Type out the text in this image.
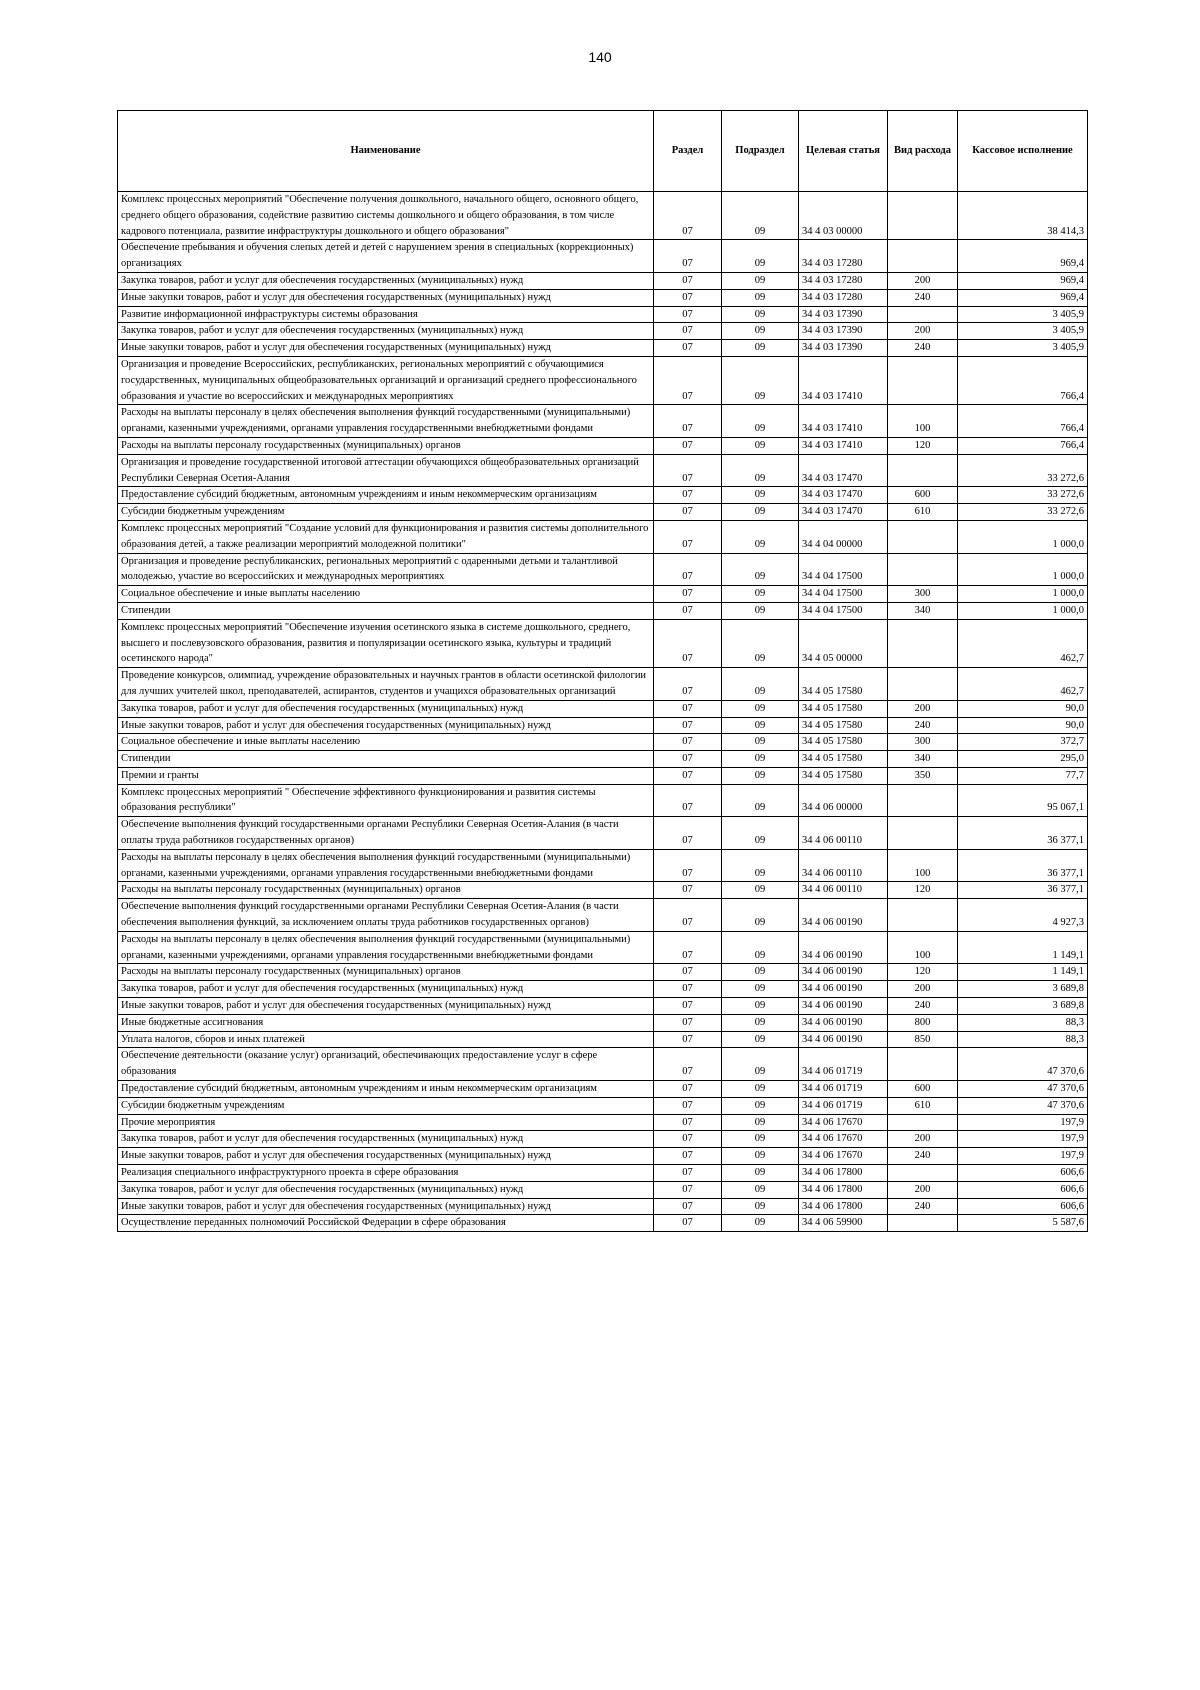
140
Наименование	Раздел	Подраздел	Целевая статья	Вид расхода	Кассовое исполнение
Комплекс процессных мероприятий "Обеспечение получения дошкольного, начального общего, основного общего, среднего общего образования, содействие развитию системы дошкольного и общего образования, в том числе кадрового потенциала, развитие инфраструктуры дошкольного и общего образования"	07	09	34 4 03 00000		38 414,3
Обеспечение пребывания и обучения слепых детей и детей с нарушением зрения в специальных (коррекционных) организациях	07	09	34 4 03 17280		969,4
Закупка товаров, работ и услуг для обеспечения государственных (муниципальных) нужд	07	09	34 4 03 17280	200	969,4
Иные закупки товаров, работ и услуг для обеспечения государственных (муниципальных) нужд	07	09	34 4 03 17280	240	969,4
Развитие информационной инфраструктуры системы образования	07	09	34 4 03 17390		3 405,9
Закупка товаров, работ и услуг для обеспечения государственных (муниципальных) нужд	07	09	34 4 03 17390	200	3 405,9
Иные закупки товаров, работ и услуг для обеспечения государственных (муниципальных) нужд	07	09	34 4 03 17390	240	3 405,9
Организация и проведение Всероссийских, республиканских, региональных мероприятий с обучающимися государственных, муниципальных общеобразовательных организаций и организаций среднего профессионального образования и участие во всероссийских и международных мероприятиях	07	09	34 4 03 17410		766,4
Расходы на выплаты персоналу в целях обеспечения выполнения функций государственными (муниципальными) органами, казенными учреждениями, органами управления государственными внебюджетными фондами	07	09	34 4 03 17410	100	766,4
Расходы на выплаты персоналу государственных (муниципальных) органов	07	09	34 4 03 17410	120	766,4
Организация и проведение государственной итоговой аттестации обучающихся общеобразовательных организаций Республики Северная Осетия-Алания	07	09	34 4 03 17470		33 272,6
Предоставление субсидий бюджетным, автономным учреждениям и иным некоммерческим организациям	07	09	34 4 03 17470	600	33 272,6
Субсидии бюджетным учреждениям	07	09	34 4 03 17470	610	33 272,6
Комплекс процессных мероприятий "Создание условий для функционирования и развития системы дополнительного образования детей, а также реализации мероприятий молодежной политики"	07	09	34 4 04 00000		1 000,0
Организация и проведение республиканских, региональных мероприятий с одаренными детьми и талантливой молодежью, участие во всероссийских и международных мероприятиях	07	09	34 4 04 17500		1 000,0
Социальное обеспечение и иные выплаты населению	07	09	34 4 04 17500	300	1 000,0
Стипендии	07	09	34 4 04 17500	340	1 000,0
Комплекс процессных мероприятий "Обеспечение изучения осетинского языка в системе дошкольного, среднего, высшего и послевузовского образования, развития и популяризации осетинского языка, культуры и традиций осетинского народа"	07	09	34 4 05 00000		462,7
Проведение конкурсов, олимпиад, учреждение образовательных и научных грантов в области осетинской филологии для лучших учителей школ, преподавателей, аспирантов, студентов и учащихся образовательных организаций	07	09	34 4 05 17580		462,7
Закупка товаров, работ и услуг для обеспечения государственных (муниципальных) нужд	07	09	34 4 05 17580	200	90,0
Иные закупки товаров, работ и услуг для обеспечения государственных (муниципальных) нужд	07	09	34 4 05 17580	240	90,0
Социальное обеспечение и иные выплаты населению	07	09	34 4 05 17580	300	372,7
Стипендии	07	09	34 4 05 17580	340	295,0
Премии и гранты	07	09	34 4 05 17580	350	77,7
Комплекс процессных мероприятий " Обеспечение эффективного функционирования и развития системы образования республики"	07	09	34 4 06 00000		95 067,1
Обеспечение выполнения функций государственными органами Республики Северная Осетия-Алания (в части оплаты труда работников государственных органов)	07	09	34 4 06 00110		36 377,1
Расходы на выплаты персоналу в целях обеспечения выполнения функций государственными (муниципальными) органами, казенными учреждениями, органами управления государственными внебюджетными фондами	07	09	34 4 06 00110	100	36 377,1
Расходы на выплаты персоналу государственных (муниципальных) органов	07	09	34 4 06 00110	120	36 377,1
Обеспечение выполнения функций государственными органами Республики Северная Осетия-Алания (в части обеспечения выполнения функций, за исключением оплаты труда работников государственных органов)	07	09	34 4 06 00190		4 927,3
Расходы на выплаты персоналу в целях обеспечения выполнения функций государственными (муниципальными) органами, казенными учреждениями, органами управления государственными внебюджетными фондами	07	09	34 4 06 00190	100	1 149,1
Расходы на выплаты персоналу государственных (муниципальных) органов	07	09	34 4 06 00190	120	1 149,1
Закупка товаров, работ и услуг для обеспечения государственных (муниципальных) нужд	07	09	34 4 06 00190	200	3 689,8
Иные закупки товаров, работ и услуг для обеспечения государственных (муниципальных) нужд	07	09	34 4 06 00190	240	3 689,8
Иные бюджетные ассигнования	07	09	34 4 06 00190	800	88,3
Уплата налогов, сборов и иных платежей	07	09	34 4 06 00190	850	88,3
Обеспечение деятельности (оказание услуг) организаций, обеспечивающих предоставление услуг в сфере образования	07	09	34 4 06 01719		47 370,6
Предоставление субсидий бюджетным, автономным учреждениям и иным некоммерческим организациям	07	09	34 4 06 01719	600	47 370,6
Субсидии бюджетным учреждениям	07	09	34 4 06 01719	610	47 370,6
Прочие мероприятия	07	09	34 4 06 17670		197,9
Закупка товаров, работ и услуг для обеспечения государственных (муниципальных) нужд	07	09	34 4 06 17670	200	197,9
Иные закупки товаров, работ и услуг для обеспечения государственных (муниципальных) нужд	07	09	34 4 06 17670	240	197,9
Реализация специального инфраструктурного проекта в сфере образования	07	09	34 4 06 17800		606,6
Закупка товаров, работ и услуг для обеспечения государственных (муниципальных) нужд	07	09	34 4 06 17800	200	606,6
Иные закупки товаров, работ и услуг для обеспечения государственных (муниципальных) нужд	07	09	34 4 06 17800	240	606,6
Осуществление переданных полномочий Российской Федерации в сфере образования	07	09	34 4 06 59900		5 587,6
